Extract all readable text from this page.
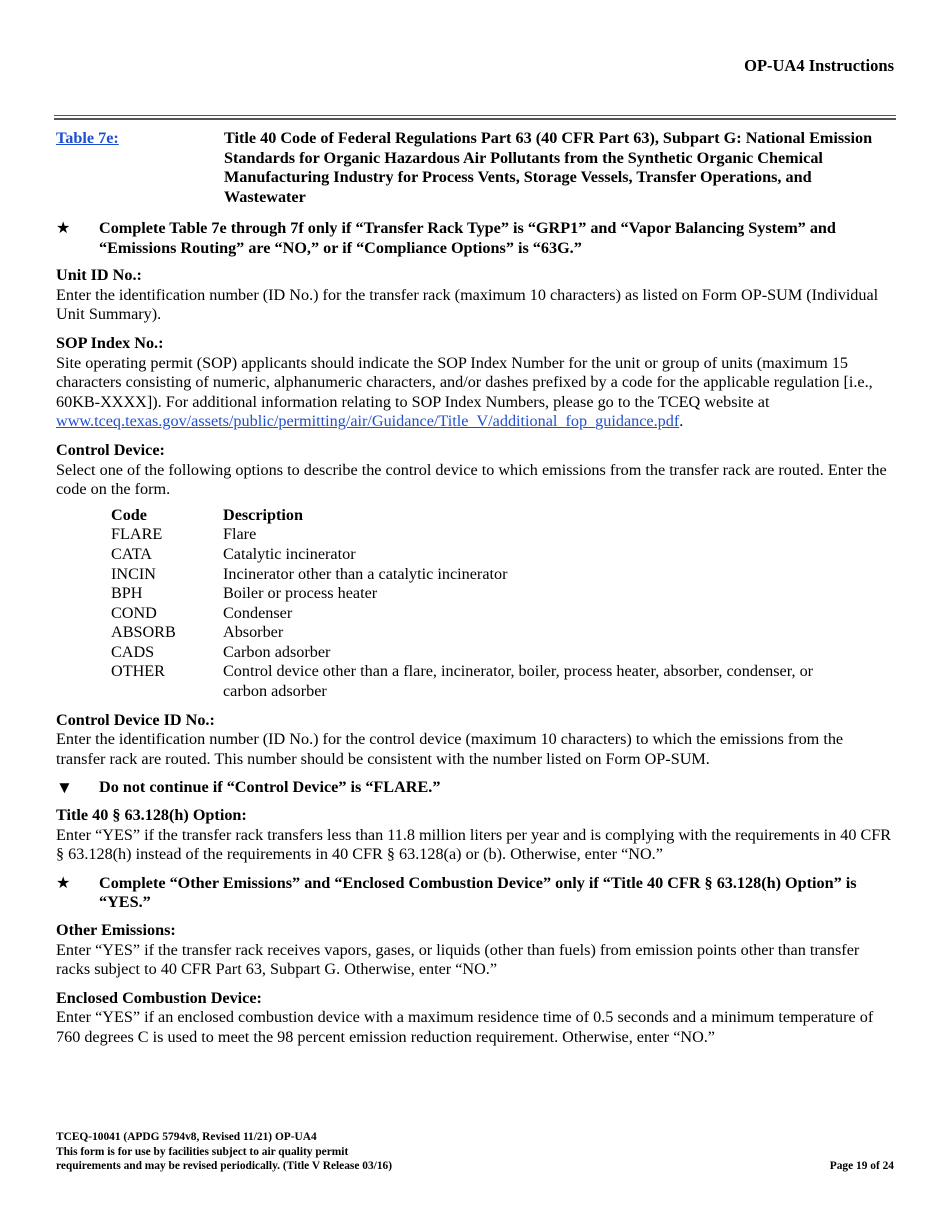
OP-UA4 Instructions
Table 7e:	Title 40 Code of Federal Regulations Part 63 (40 CFR Part 63), Subpart G: National Emission Standards for Organic Hazardous Air Pollutants from the Synthetic Organic Chemical Manufacturing Industry for Process Vents, Storage Vessels, Transfer Operations, and Wastewater
★ Complete Table 7e through 7f only if “Transfer Rack Type” is “GRP1” and “Vapor Balancing System” and “Emissions Routing” are “NO,” or if “Compliance Options” is “63G.”
Unit ID No.:
Enter the identification number (ID No.) for the transfer rack (maximum 10 characters) as listed on Form OP-SUM (Individual Unit Summary).
SOP Index No.:
Site operating permit (SOP) applicants should indicate the SOP Index Number for the unit or group of units (maximum 15 characters consisting of numeric, alphanumeric characters, and/or dashes prefixed by a code for the applicable regulation [i.e., 60KB-XXXX]). For additional information relating to SOP Index Numbers, please go to the TCEQ website at www.tceq.texas.gov/assets/public/permitting/air/Guidance/Title_V/additional_fop_guidance.pdf.
Control Device:
Select one of the following options to describe the control device to which emissions from the transfer rack are routed. Enter the code on the form.
Code	Description
FLARE	Flare
CATA	Catalytic incinerator
INCIN	Incinerator other than a catalytic incinerator
BPH	Boiler or process heater
COND	Condenser
ABSORB	Absorber
CADS	Carbon adsorber
OTHER	Control device other than a flare, incinerator, boiler, process heater, absorber, condenser, or carbon adsorber
Control Device ID No.:
Enter the identification number (ID No.) for the control device (maximum 10 characters) to which the emissions from the transfer rack are routed. This number should be consistent with the number listed on Form OP-SUM.
▼ Do not continue if “Control Device” is “FLARE.”
Title 40 § 63.128(h) Option:
Enter “YES” if the transfer rack transfers less than 11.8 million liters per year and is complying with the requirements in 40 CFR § 63.128(h) instead of the requirements in 40 CFR § 63.128(a) or (b). Otherwise, enter “NO.”
★ Complete “Other Emissions” and “Enclosed Combustion Device” only if “Title 40 CFR § 63.128(h) Option” is “YES.”
Other Emissions:
Enter “YES” if the transfer rack receives vapors, gases, or liquids (other than fuels) from emission points other than transfer racks subject to 40 CFR Part 63, Subpart G. Otherwise, enter “NO.”
Enclosed Combustion Device:
Enter “YES” if an enclosed combustion device with a maximum residence time of 0.5 seconds and a minimum temperature of 760 degrees C is used to meet the 98 percent emission reduction requirement. Otherwise, enter “NO.”
TCEQ-10041 (APDG 5794v8, Revised 11/21) OP-UA4
This form is for use by facilities subject to air quality permit
requirements and may be revised periodically. (Title V Release 03/16)	Page 19 of 24
